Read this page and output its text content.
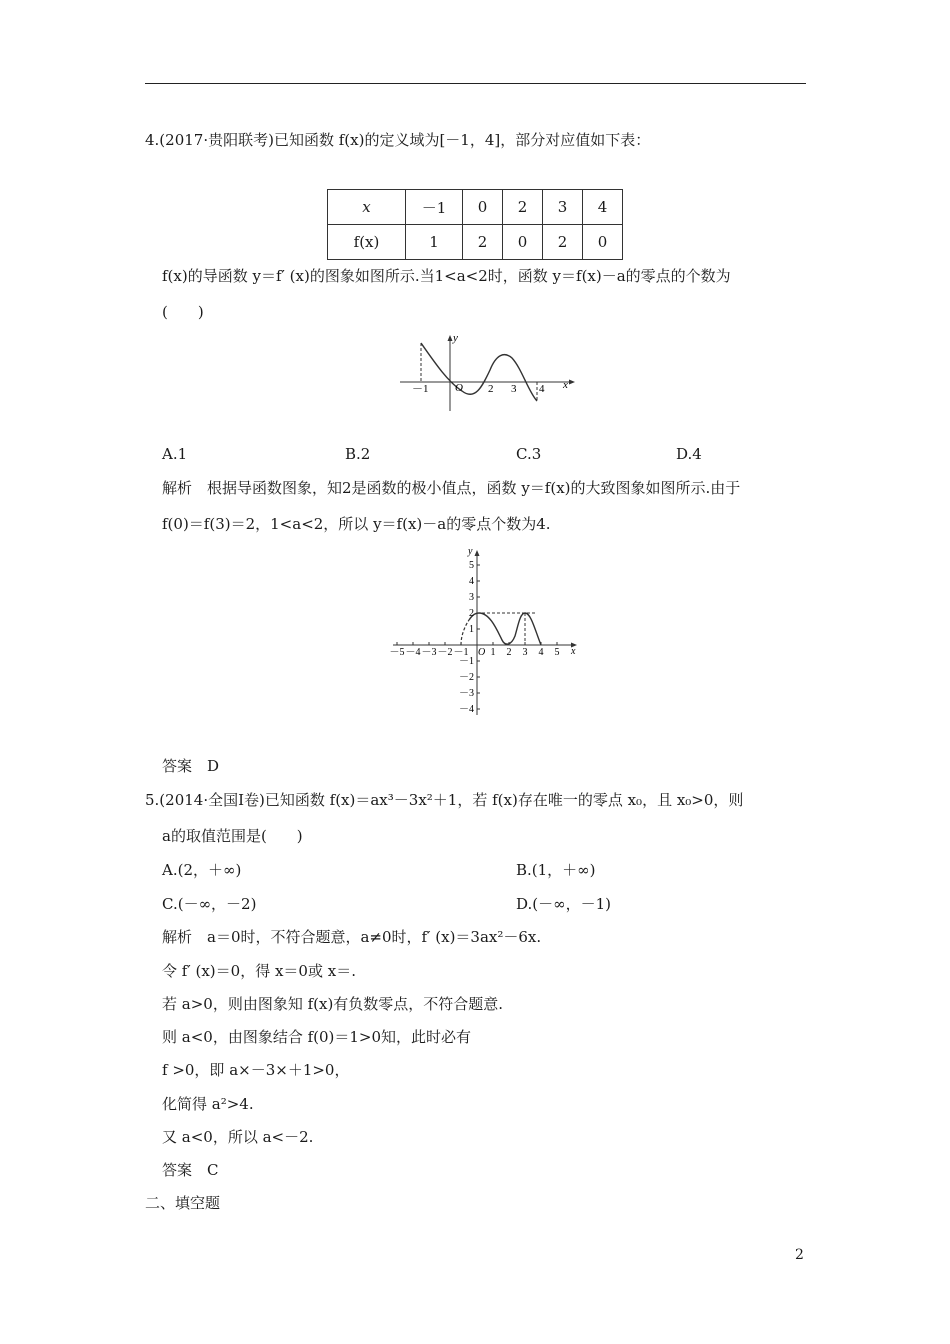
4.(2017·贵阳联考)已知函数 f(x)的定义域为[－1，4]，部分对应值如下表：
x	－1	0	2	3	4
f(x)	1	2	0	2	0
f(x)的导函数 y＝f′ (x)的图象如图所示.当1<a<2时，函数 y＝f(x)－a的零点的个数为
(　　)
y
x
O
－1	2 3 4
A.1	B.2	C.3	D.4
解析　根据导函数图象，知2是函数的极小值点，函数 y＝f(x)的大致图象如图所示.由于
f(0)＝f(3)＝2，1<a<2，所以 y＝f(x)－a的零点个数为4.
y
x
O
－5 －4 －3 －2 －1 1 2 3 4 5
5
4
3
2
1
－1
－2
－3
－4
答案　D
5.(2014·全国Ⅰ卷)已知函数 f(x)＝ax³－3x²＋1，若 f(x)存在唯一的零点 x₀，且 x₀>0，则
a的取值范围是(　　)
A.(2，＋∞)	B.(1，＋∞)
C.(－∞，－2)	D.(－∞，－1)
解析　a＝0时，不符合题意，a≠0时，f′ (x)＝3ax²－6x.
令 f′ (x)＝0，得 x＝0或 x＝.
若 a>0，则由图象知 f(x)有负数零点，不符合题意.
则 a<0，由图象结合 f(0)＝1>0知，此时必有
f >0，即 a×－3×＋1>0，
化简得 a²>4.
又 a<0，所以 a<－2.
答案　C
二、填空题
2
